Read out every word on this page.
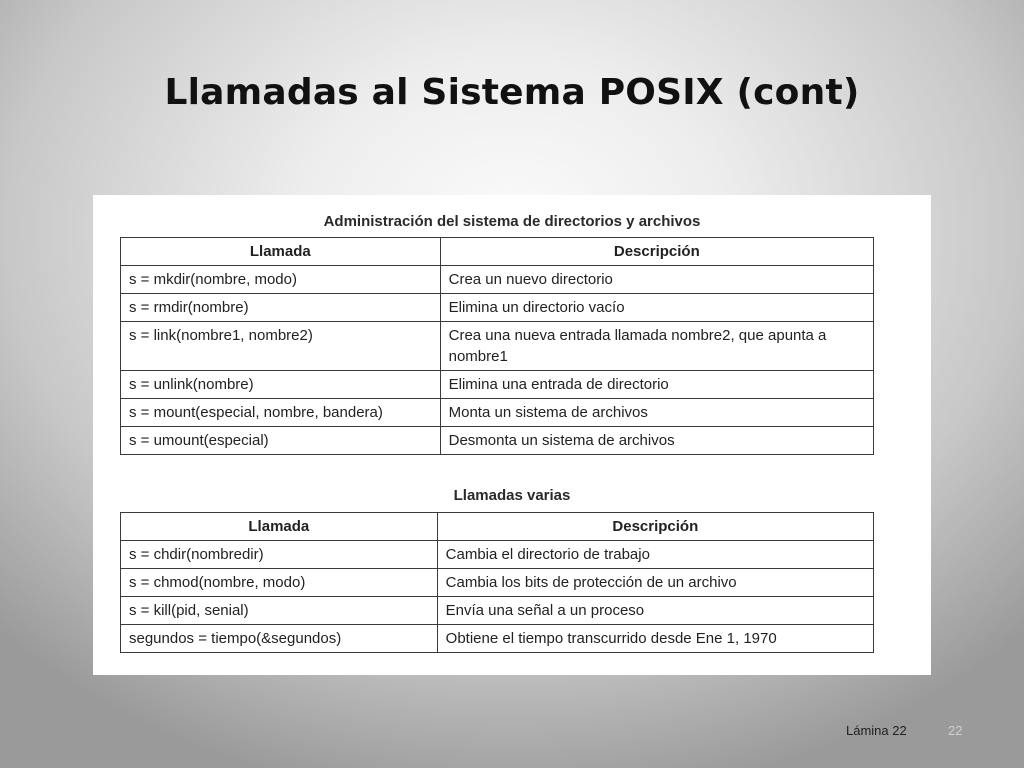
Llamadas al Sistema POSIX (cont)
Administración del sistema de directorios y archivos
Llamada	Descripción
s = mkdir(nombre, modo)	Crea un nuevo directorio
s = rmdir(nombre)	Elimina un directorio vacío
s = link(nombre1, nombre2)	Crea una nueva entrada llamada nombre2, que apunta a nombre1
s = unlink(nombre)	Elimina una entrada de directorio
s = mount(especial, nombre, bandera)	Monta un sistema de archivos
s = umount(especial)	Desmonta un sistema de archivos
Llamadas varias
Llamada	Descripción
s = chdir(nombredir)	Cambia el directorio de trabajo
s = chmod(nombre, modo)	Cambia los bits de protección de un archivo
s = kill(pid, senial)	Envía una señal a un proceso
segundos = tiempo(&segundos)	Obtiene el tiempo transcurrido desde Ene 1, 1970
Lámina 22	22
